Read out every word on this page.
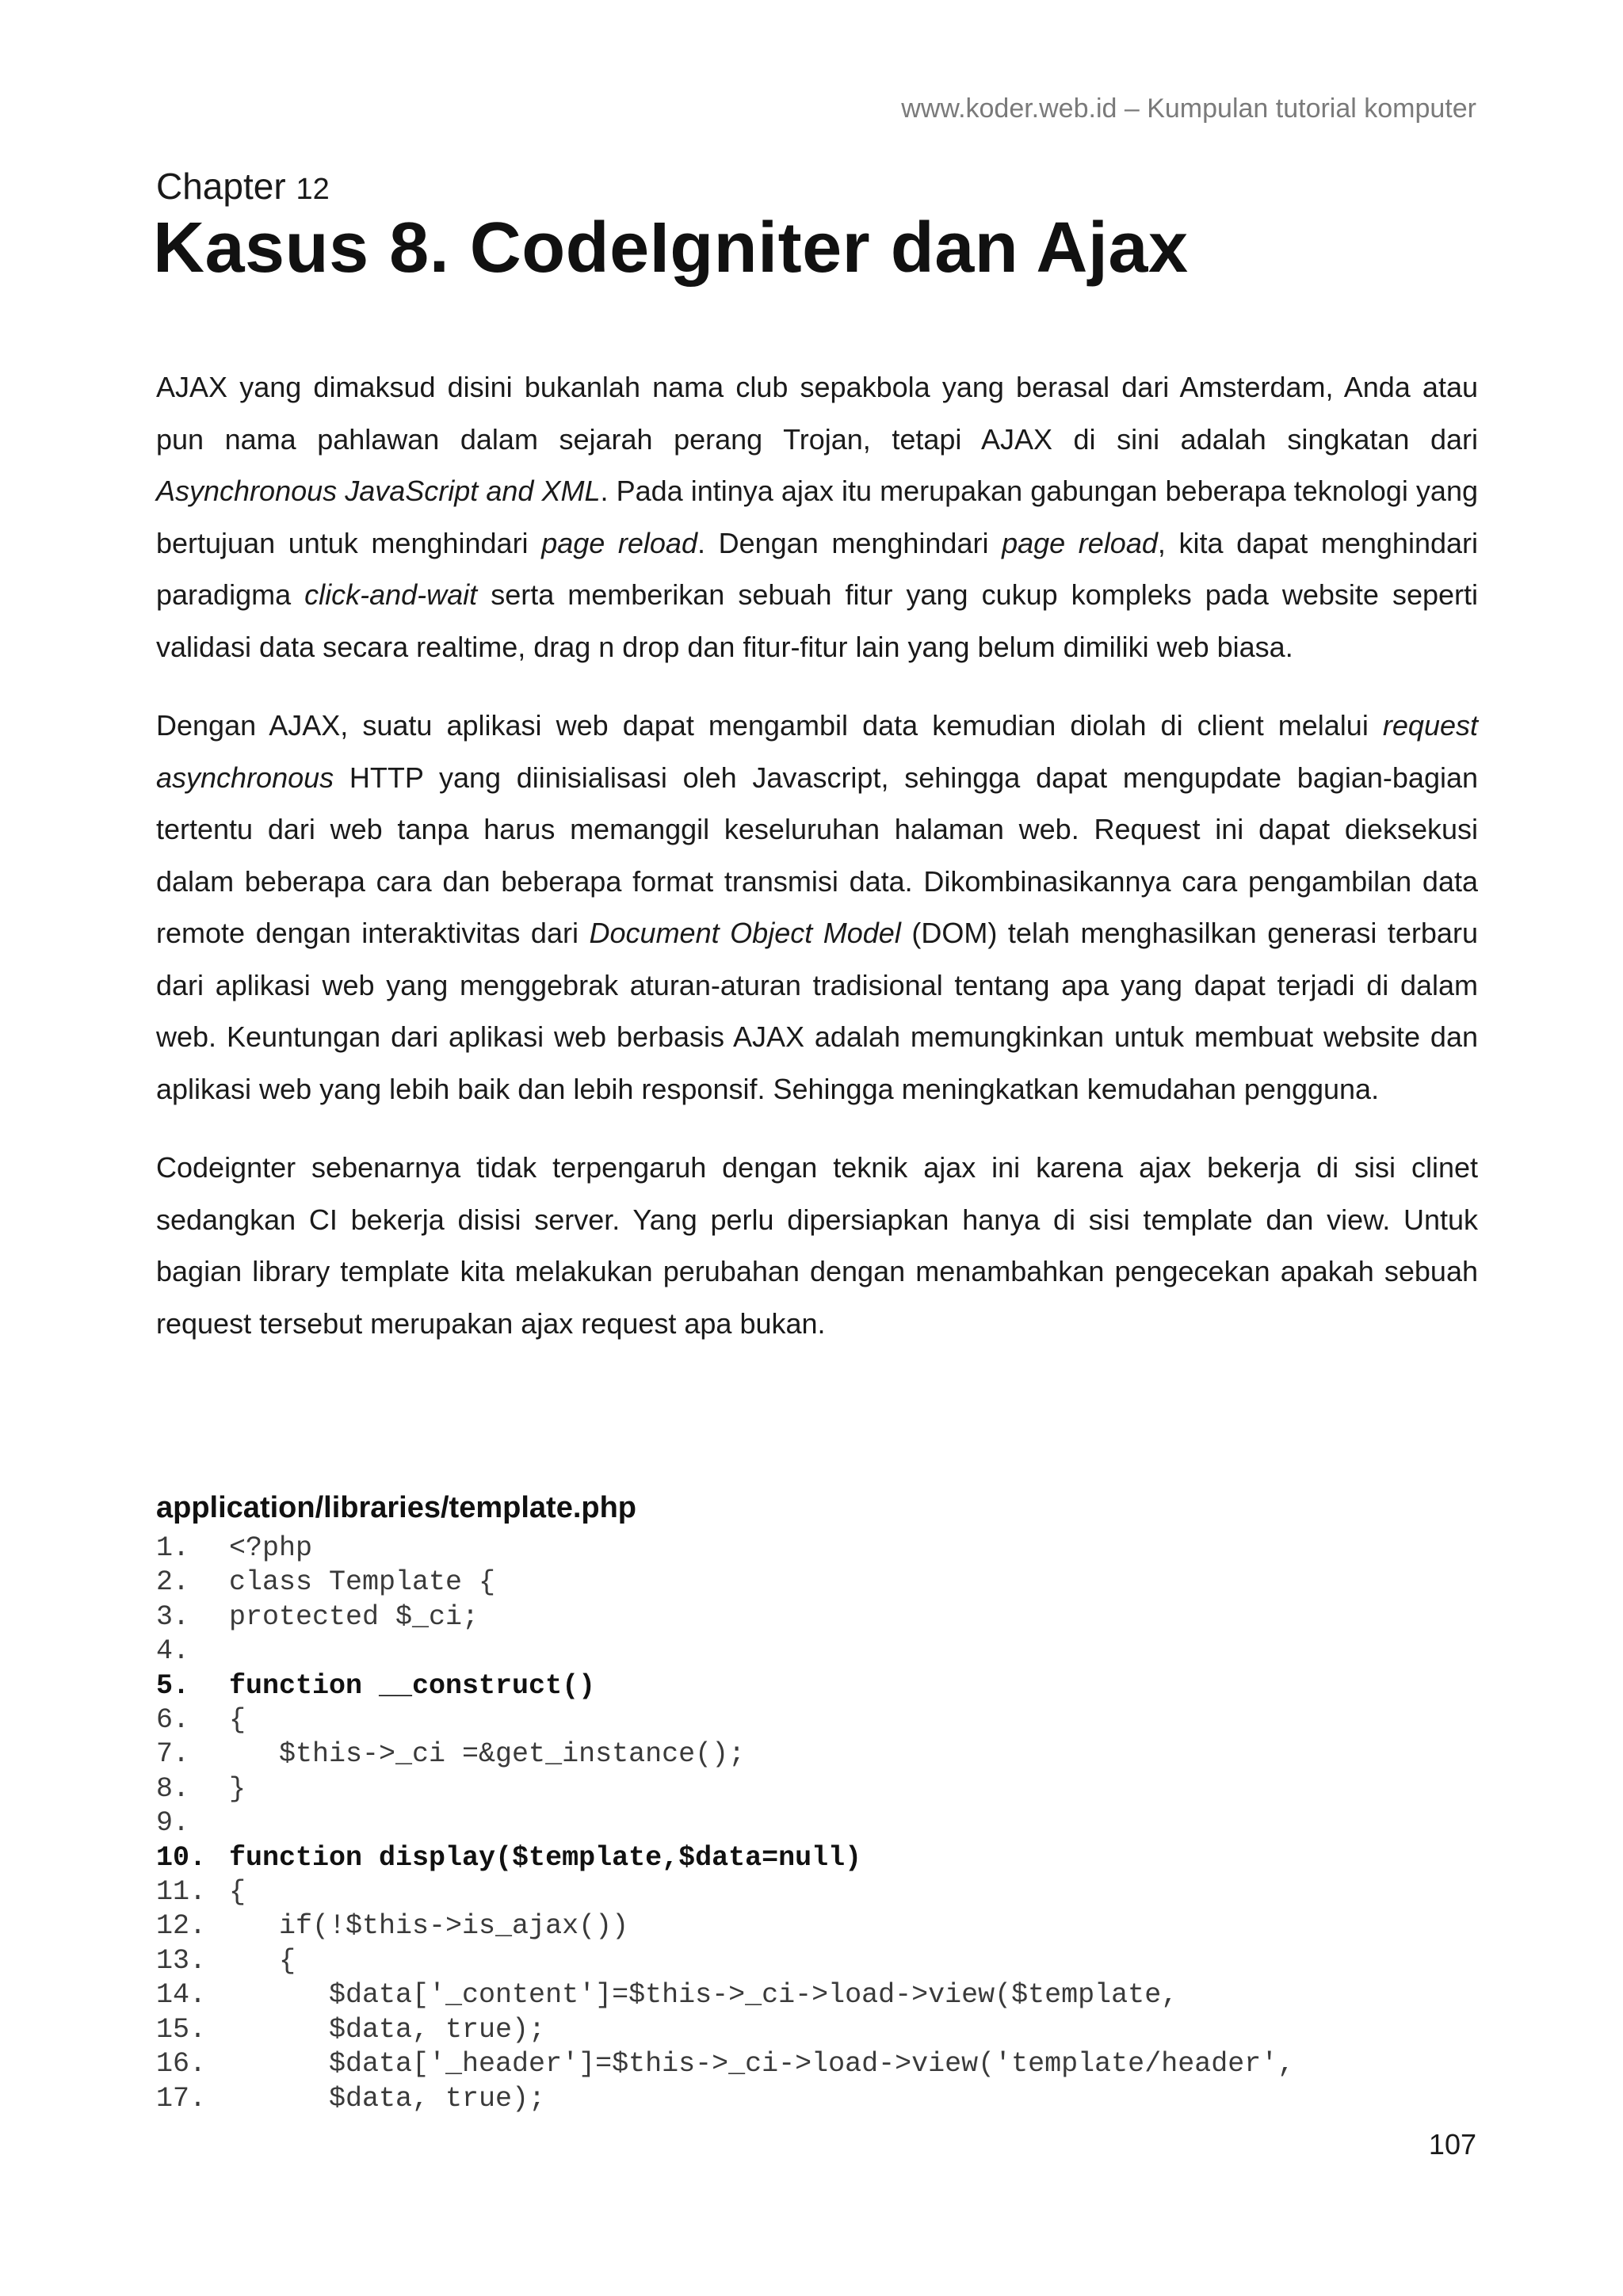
www.koder.web.id – Kumpulan tutorial komputer
Chapter 12
Kasus 8. CodeIgniter dan Ajax

AJAX yang dimaksud disini bukanlah nama club sepakbola yang berasal dari Amsterdam, Anda atau pun nama pahlawan dalam sejarah perang Trojan, tetapi AJAX di sini adalah singkatan dari Asynchronous JavaScript and XML. Pada intinya ajax itu merupakan gabungan beberapa teknologi yang bertujuan untuk menghindari page reload. Dengan menghindari page reload, kita dapat menghindari paradigma click-and-wait serta memberikan sebuah fitur yang cukup kompleks pada website seperti validasi data secara realtime, drag n drop dan fitur-fitur lain yang belum dimiliki web biasa.

Dengan AJAX, suatu aplikasi web dapat mengambil data kemudian diolah di client melalui request asynchronous HTTP yang diinisialisasi oleh Javascript, sehingga dapat mengupdate bagian-bagian tertentu dari web tanpa harus memanggil keseluruhan halaman web. Request ini dapat dieksekusi dalam beberapa cara dan beberapa format transmisi data. Dikombinasikannya cara pengambilan data remote dengan interaktivitas dari Document Object Model (DOM) telah menghasilkan generasi terbaru dari aplikasi web yang menggebrak aturan-aturan tradisional tentang apa yang dapat terjadi di dalam web. Keuntungan dari aplikasi web berbasis AJAX adalah memungkinkan untuk membuat website dan aplikasi web yang lebih baik dan lebih responsif. Sehingga meningkatkan kemudahan pengguna.

Codeignter sebenarnya tidak terpengaruh dengan teknik ajax ini karena ajax bekerja di sisi clinet sedangkan CI bekerja disisi server. Yang perlu dipersiapkan hanya di sisi template dan view. Untuk bagian library template kita melakukan perubahan dengan menambahkan pengecekan apakah sebuah request tersebut merupakan ajax request apa bukan.

application/libraries/template.php
1.	<?php
2.	class Template {
3.	protected $_ci;
4.
5.	function __construct()
6.	{
7.	$this->_ci =&get_instance();
8.	}
9.
10. function display($template,$data=null)
11. {
12. if(!$this->is_ajax())
13. {
14. $data['_content']=$this->_ci->load->view($template,
15. $data, true);
16. $data['_header']=$this->_ci->load->view('template/header',
17. $data, true);
107
